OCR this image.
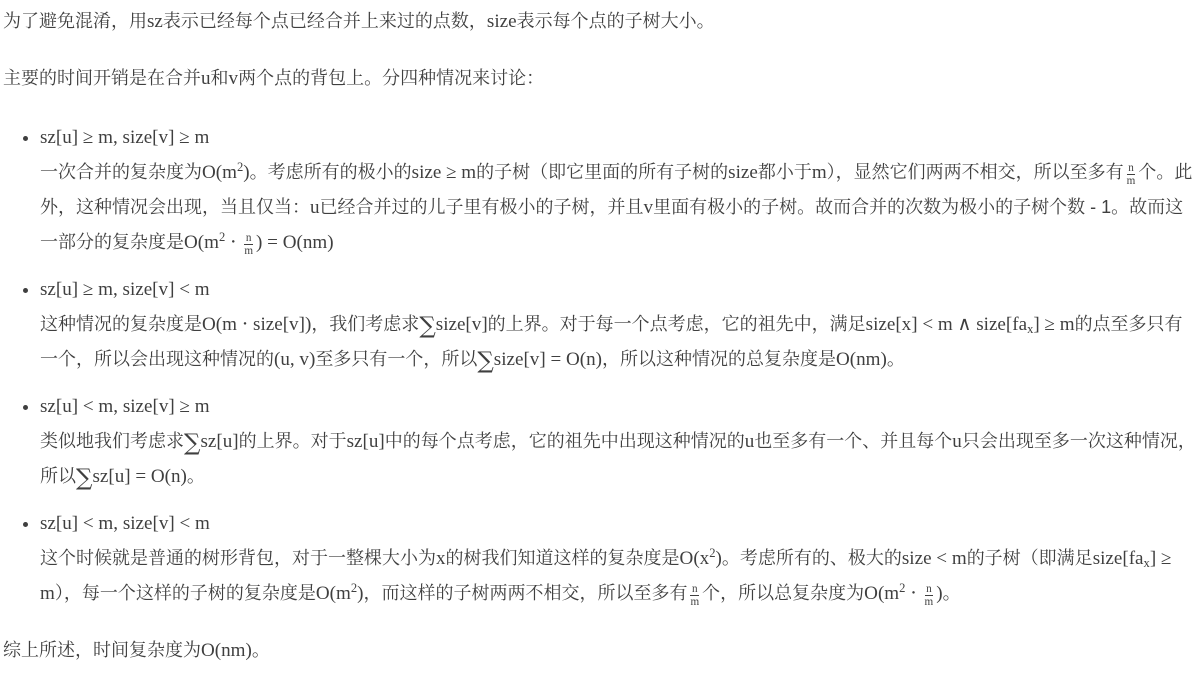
为了避免混淆，用sz表示已经每个点已经合并上来过的点数，size表示每个点的子树大小。

主要的时间开销是在合并u和v两个点的背包上。分四种情况来讨论：

• sz[u] ≥ m, size[v] ≥ m
一次合并的复杂度为$O(m^2)$。考虑所有的极小的size ≥ m的子树（即它里面的所有子树的size都小于m），显然它们两两不相交，所以至多有 $\frac{n}{m}$ 个。此外，这种情况会出现，当且仅当：u已经合并过的儿子里有极小的子树，并且v里面有极小的子树。故而合并的次数为极小的子树个数 - 1。故而这一部分的复杂度是$O(m^2 \cdot \frac{n}{m}$ ) = O(nm)
• sz[u] ≥ m, size[v] < m
这种情况的复杂度是O(m ⋅ size[v])，我们考虑求∑size[v]的上界。对于每一个点考虑，它的祖先中，满足size[x] < m ∧ $size[fa_x] \ge m$的点至多只有一个，所以会出现这种情况的(u, v)至多只有一个，所以∑size[v] = O(n)，所以这种情况的总复杂度是O(nm)。
• sz[u] < m, size[v] ≥ m
类似地我们考虑求∑sz[u]的上界。对于sz[u]中的每个点考虑，它的祖先中出现这种情况的u也至多有一个、并且每个u只会出现至多一次这种情况，所以∑sz[u] = O(n)。
• sz[u] < m, size[v] < m
这个时候就是普通的树形背包，对于一整棵大小为x的树我们知道这样的复杂度是$O(x^2)$。考虑所有的、极大的size < m的子树（即满足$size[fa_x] \ge m$），每一个这样的子树的复杂度是$O(m^2)$，而这样的子树两两不相交，所以至多有 $\frac{n}{m}$ 个，所以总复杂度为$O(m^2 \cdot \frac{n}{m}$ )。

综上所述，时间复杂度为O(nm)。
